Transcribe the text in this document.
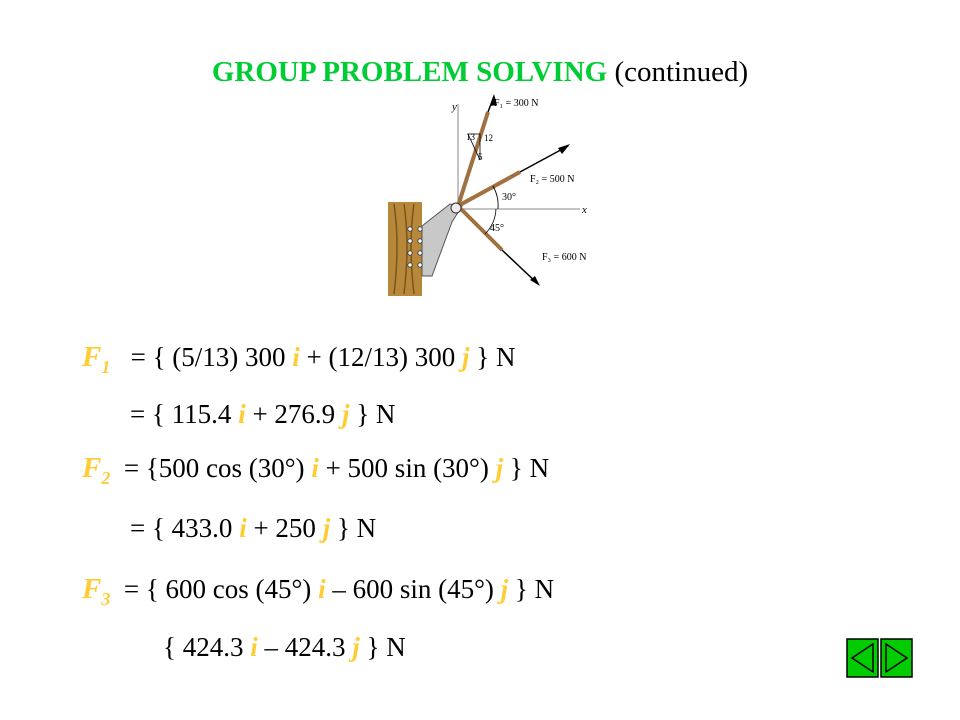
GROUP PROBLEM SOLVING (continued)
y
x
F₁ = 300 N
13 12
5
F₂ = 500 N
30°
F₃ = 600 N
45°
$F_1$ = { (5/13) 300 i + (12/13) 300 j } N
= { 115.4 i + 276.9 j } N
$F_2 = \{500$ cos (30°) i + 500 sin (30°) j } N
= { 433.0 i + 250 j } N
$F_3$ = { 600 cos (45°) i – 600 sin (45°) j } N
{ 424.3 i – 424.3 j } N
